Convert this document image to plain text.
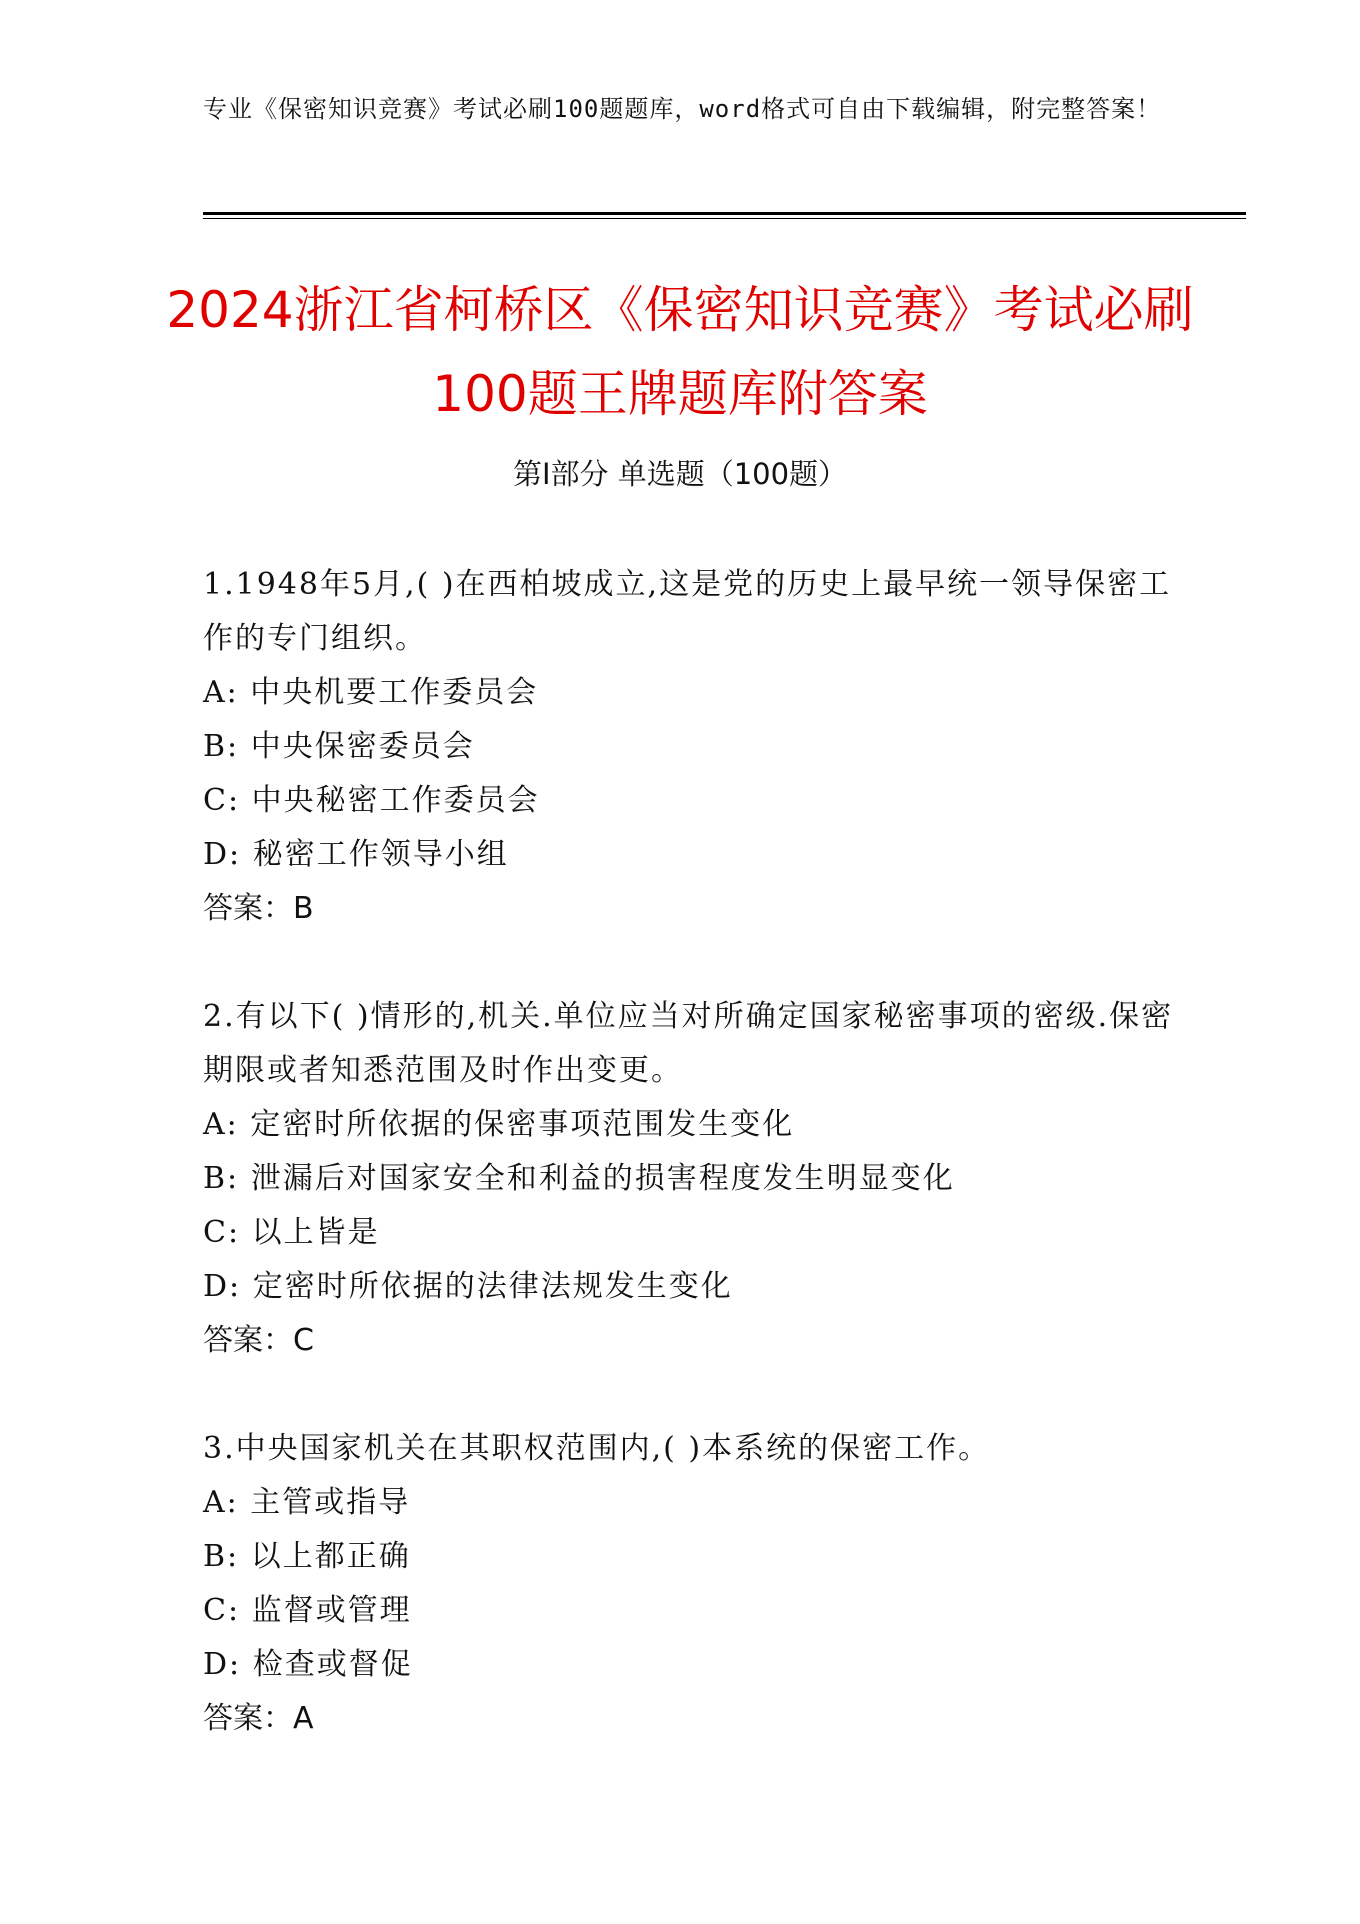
专业《保密知识竞赛》考试必刷100题题库，word格式可自由下载编辑，附完整答案！
2024浙江省柯桥区《保密知识竞赛》考试必刷100题王牌题库附答案
第Ⅰ部分 单选题（100题）

1.1948年5月,( )在西柏坡成立,这是党的历史上最早统一领导保密工作的专门组织。

A: 中央机要工作委员会

B: 中央保密委员会

C: 中央秘密工作委员会

D: 秘密工作领导小组

答案：B

2.有以下( )情形的,机关.单位应当对所确定国家秘密事项的密级.保密期限或者知悉范围及时作出变更。

A: 定密时所依据的保密事项范围发生变化

B: 泄漏后对国家安全和利益的损害程度发生明显变化

C: 以上皆是

D: 定密时所依据的法律法规发生变化

答案：C

3.中央国家机关在其职权范围内,( )本系统的保密工作。

A: 主管或指导

B: 以上都正确

C: 监督或管理

D: 检查或督促

答案：A
